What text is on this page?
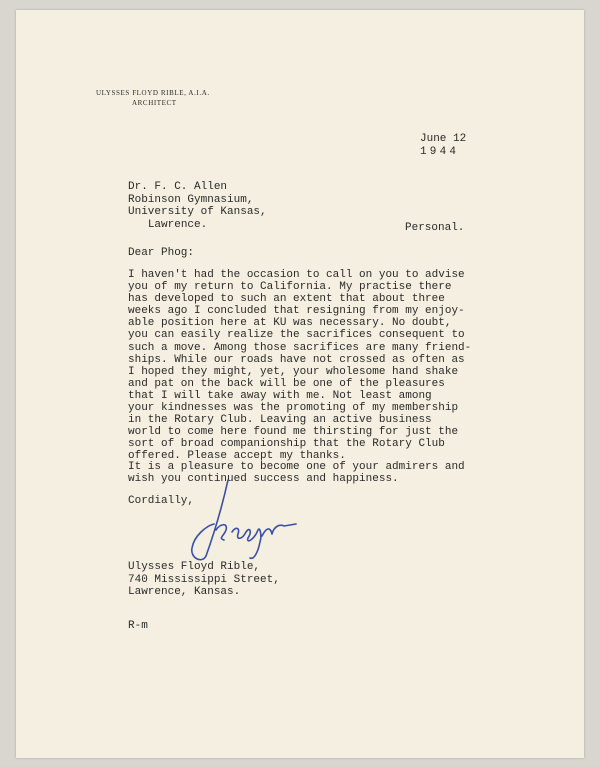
ULYSSES FLOYD RIBLE, A.I.A.
ARCHITECT
June 12
1944
Dr. F. C. Allen
Robinson Gymnasium,
University of Kansas,
Lawrence.	Personal.
Dear Phog:
I haven't had the occasion to call on you to advise
you of my return to California. My practise there
has developed to such an extent that about three
weeks ago I concluded that resigning from my enjoy-
able position here at KU was necessary. No doubt,
you can easily realize the sacrifices consequent to
such a move. Among those sacrifices are many friend-
ships. While our roads have not crossed as often as
I hoped they might, yet, your wholesome hand shake
and pat on the back will be one of the pleasures
that I will take away with me. Not least among
your kindnesses was the promoting of my membership
in the Rotary Club. Leaving an active business
world to come here found me thirsting for just the
sort of broad companionship that the Rotary Club
offered. Please accept my thanks.
It is a pleasure to become one of your admirers and
wish you continued success and happiness.
Cordially,
Ulysses Floyd Rible,
740 Mississippi Street,
Lawrence, Kansas.
R-m
